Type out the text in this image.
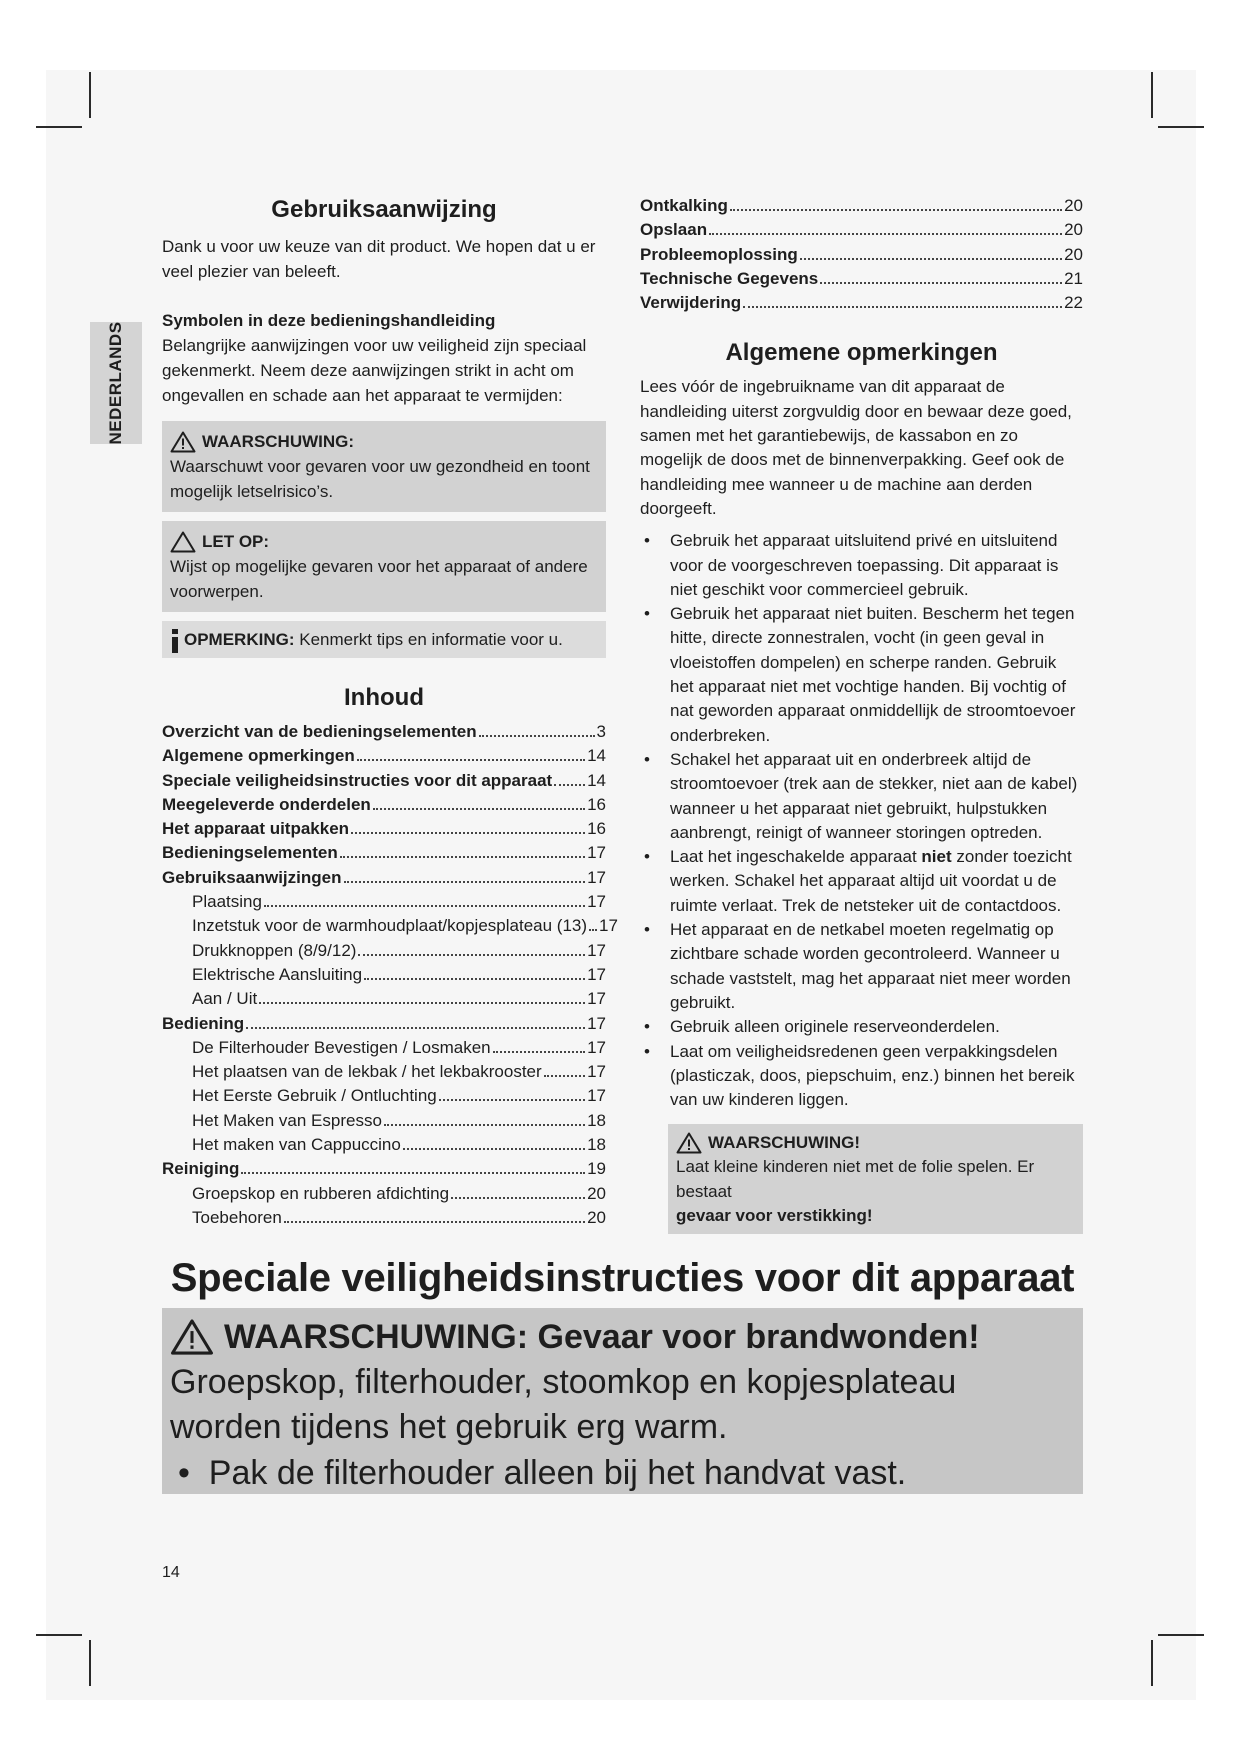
NEDERLANDS
Gebruiksaanwijzing

Dank u voor uw keuze van dit product. We hopen dat u er veel plezier van beleeft.

Symbolen in deze bedieningshandleiding

Belangrijke aanwijzingen voor uw veiligheid zijn speciaal gekenmerkt. Neem deze aanwijzingen strikt in acht om ongevallen en schade aan het apparaat te vermijden:

WAARSCHUWING:

Waarschuwt voor gevaren voor uw gezondheid en toont mogelijk letselrisico’s.

LET OP:

Wijst op mogelijke gevaren voor het apparaat of andere voorwerpen.

OPMERKING: Kenmerkt tips en informatie voor u.

Inhoud
Overzicht van de bedieningselementen	3
Algemene opmerkingen	14
Speciale veiligheidsinstructies voor dit apparaat 14
Meegeleverde onderdelen	16
Het apparaat uitpakken	16
Bedieningselementen	17
Gebruiksaanwijzingen	17
Plaatsing	17
Inzetstuk voor de warmhoudplaat/kopjesplateau (13) 17
Drukknoppen (8/9/12)	17
Elektrische Aansluiting	17
Aan / Uit	17
Bediening	17
De Filterhouder Bevestigen / Losmaken	17
Het plaatsen van de lekbak / het lekbakrooster	17
Het Eerste Gebruik / Ontluchting	17
Het Maken van Espresso	18
Het maken van Cappuccino	18
Reiniging	19
Groepskop en rubberen afdichting	20
Toebehoren	20
Ontkalking	20
Opslaan	20
Probleemoplossing	20
Technische Gegevens	21
Verwijdering	22
Algemene opmerkingen

Lees vóór de ingebruikname van dit apparaat de handleiding uiterst zorgvuldig door en bewaar deze goed, samen met het garantiebewijs, de kassabon en zo mogelijk de doos met de binnenverpakking. Geef ook de handleiding mee wanneer u de machine aan derden doorgeeft.

• Gebruik het apparaat uitsluitend privé en uitsluitend voor de voorgeschreven toepassing. Dit apparaat is niet geschikt voor commercieel gebruik.
• Gebruik het apparaat niet buiten. Bescherm het tegen hitte, directe zonnestralen, vocht (in geen geval in vloeistoffen dompelen) en scherpe randen. Gebruik het apparaat niet met vochtige handen. Bij vochtig of nat geworden apparaat onmiddellijk de stroomtoevoer onderbreken.
• Schakel het apparaat uit en onderbreek altijd de stroomtoevoer (trek aan de stekker, niet aan de kabel) wanneer u het apparaat niet gebruikt, hulpstukken aanbrengt, reinigt of wanneer storingen optreden.
• Laat het ingeschakelde apparaat niet zonder toezicht werken. Schakel het apparaat altijd uit voordat u de ruimte verlaat. Trek de netsteker uit de contactdoos.
• Het apparaat en de netkabel moeten regelmatig op zichtbare schade worden gecontroleerd. Wanneer u schade vaststelt, mag het apparaat niet meer worden gebruikt.
• Gebruik alleen originele reserveonderdelen.
• Laat om veiligheidsredenen geen verpakkingsdelen (plasticzak, doos, piepschuim, enz.) binnen het bereik van uw kinderen liggen.
WAARSCHUWING!

Laat kleine kinderen niet met de folie spelen. Er bestaat
gevaar voor verstikking!

Speciale veiligheidsinstructies voor dit apparaat
WAARSCHUWING: Gevaar voor brandwonden!

Groepskop, filterhouder, stoomkop en kopjesplateau worden tijdens het gebruik erg warm.

•  Pak de filterhouder alleen bij het handvat vast.

14
